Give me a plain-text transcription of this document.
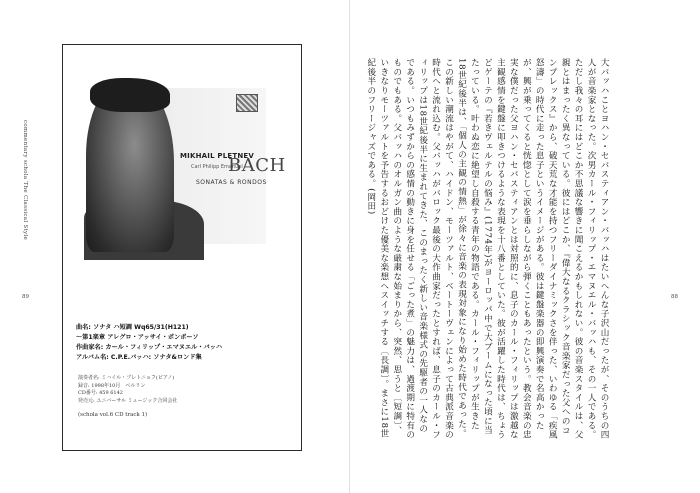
commentary schola The Classical Style
89
MIKHAIL PLETNEV
Carl Philipp Emanuel
BACH
SONATAS & RONDOS
曲名: ソナタ ハ短調 Wq65/31(H121)
〜第1楽章 アレグロ・アッサイ・ポンポーソ
作曲家名: カール・フィリップ・エマヌエル・バッハ
アルバム名: C.P.E.バッハ: ソナタ&ロンド集
演奏者名: ミハイル・プレトニョフ(ピアノ)
録音: 1998年10月　ベルリン
CD番号: 459 6142
発売元: ユニバーサル ミュージック合同会社
(schola vol.6 CD track 1)
88

大バッハことヨハン・セバスティアン・バッハはたいへんな子沢山だったが、そのうちの四人が音楽家となった。次男カール・フィリップ・エマヌエル・バッハも、その一人である。ただし我々の耳にはどこか不思議な響きに聞こえるかもしれない。彼の音楽スタイルは、父親とはまったく異なっている。彼にはどこか、『偉大なるクラシック音楽家だった父へのコンプレックス』から、破天荒な才能を持つフリーダイナミックさを伴った、いわゆる「疾風怒濤」の時代に走った息子というイメージがある。彼は鍵盤楽器の即興演奏で名高かったが、興が乗ってくると恍惚として涙を垂らしながら弾くこともあったという。教会音楽の忠実な僕だった父ヨハン・セバスティアンとは対照的に、息子のカール・フィリップは激越な主観感情を鍵盤に叩きつけるような表現を十八番としていた。彼が活躍した時代は、ちょうどゲーテの『若きヴェルテルの悩み』(1774年)がヨーロッパ中で大ブームになった頃に当たっている。叶わぬ恋に絶望し自殺する青年の物語である。カール・フィリップが生きた18世紀後半は、「個人の主観の情熱」が徐々に音楽の表現対象になり始めた時代であった。この新しい潮流はやがて、ハイドン、モーツァルト、ベートーヴェンによって古典派音楽の時代へと流れ込む。父バッハがバロック最後の大作曲家だったとすれば、息子のカール・フィリップは18世紀後半に生まれてきた、このまったく新しい音楽様式の先駆者の一人なのである。いつもみずからの感情の動きに身を任せる「ごった煮」の魅力は、過渡期に特有のものでもある。父バッハのオルガン曲のような厳粛な始まりから、突然、思うと〔短調〕、いきなりモーツァルトを予告するおどけた優美な楽想へスイッチする〔長調〕。まさに18世紀後半のフリージャズである。(岡田)
